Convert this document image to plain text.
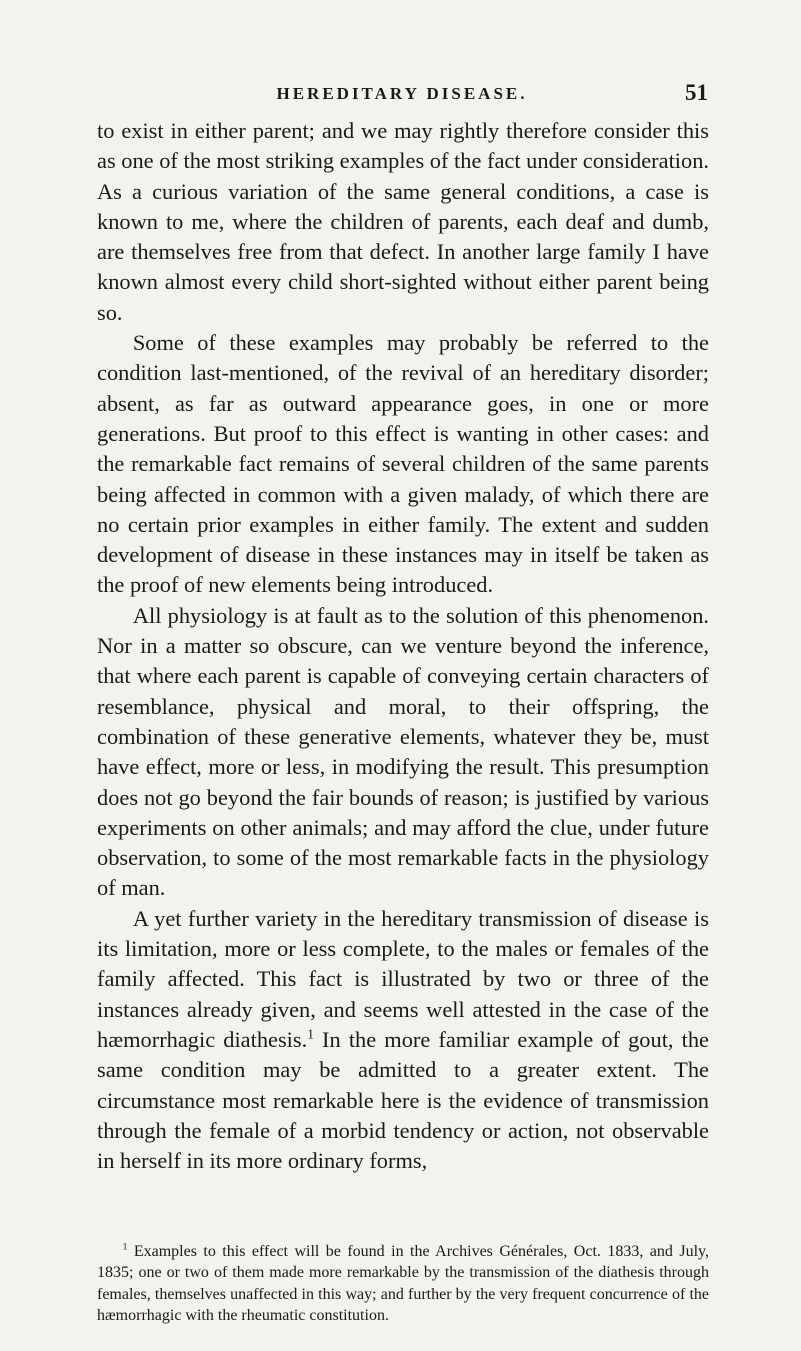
HEREDITARY DISEASE.	51

to exist in either parent; and we may rightly therefore consider this as one of the most striking examples of the fact under consideration. As a curious variation of the same general conditions, a case is known to me, where the children of parents, each deaf and dumb, are themselves free from that defect. In another large family I have known almost every child short-sighted without either parent being so.

Some of these examples may probably be referred to the condition last-mentioned, of the revival of an hereditary disorder; absent, as far as outward appearance goes, in one or more generations. But proof to this effect is wanting in other cases: and the remarkable fact remains of several children of the same parents being affected in common with a given malady, of which there are no certain prior examples in either family. The extent and sudden development of disease in these instances may in itself be taken as the proof of new elements being introduced.

All physiology is at fault as to the solution of this phenomenon. Nor in a matter so obscure, can we venture beyond the inference, that where each parent is capable of conveying certain characters of resemblance, physical and moral, to their offspring, the combination of these generative elements, whatever they be, must have effect, more or less, in modifying the result. This presumption does not go beyond the fair bounds of reason; is justified by various experiments on other animals; and may afford the clue, under future observation, to some of the most remarkable facts in the physiology of man.

A yet further variety in the hereditary transmission of disease is its limitation, more or less complete, to the males or females of the family affected. This fact is illustrated by two or three of the instances already given, and seems well attested in the case of the hæmorrhagic diathesis.$^1$ In the more familiar example of gout, the same condition may be admitted to a greater extent. The circumstance most remarkable here is the evidence of transmission through the female of a morbid tendency or action, not observable in herself in its more ordinary forms,

$^1$ Examples to this effect will be found in the Archives Générales, Oct. 1833, and July, 1835; one or two of them made more remarkable by the transmission of the diathesis through females, themselves unaffected in this way; and further by the very frequent concurrence of the hæmorrhagic with the rheumatic constitution.
